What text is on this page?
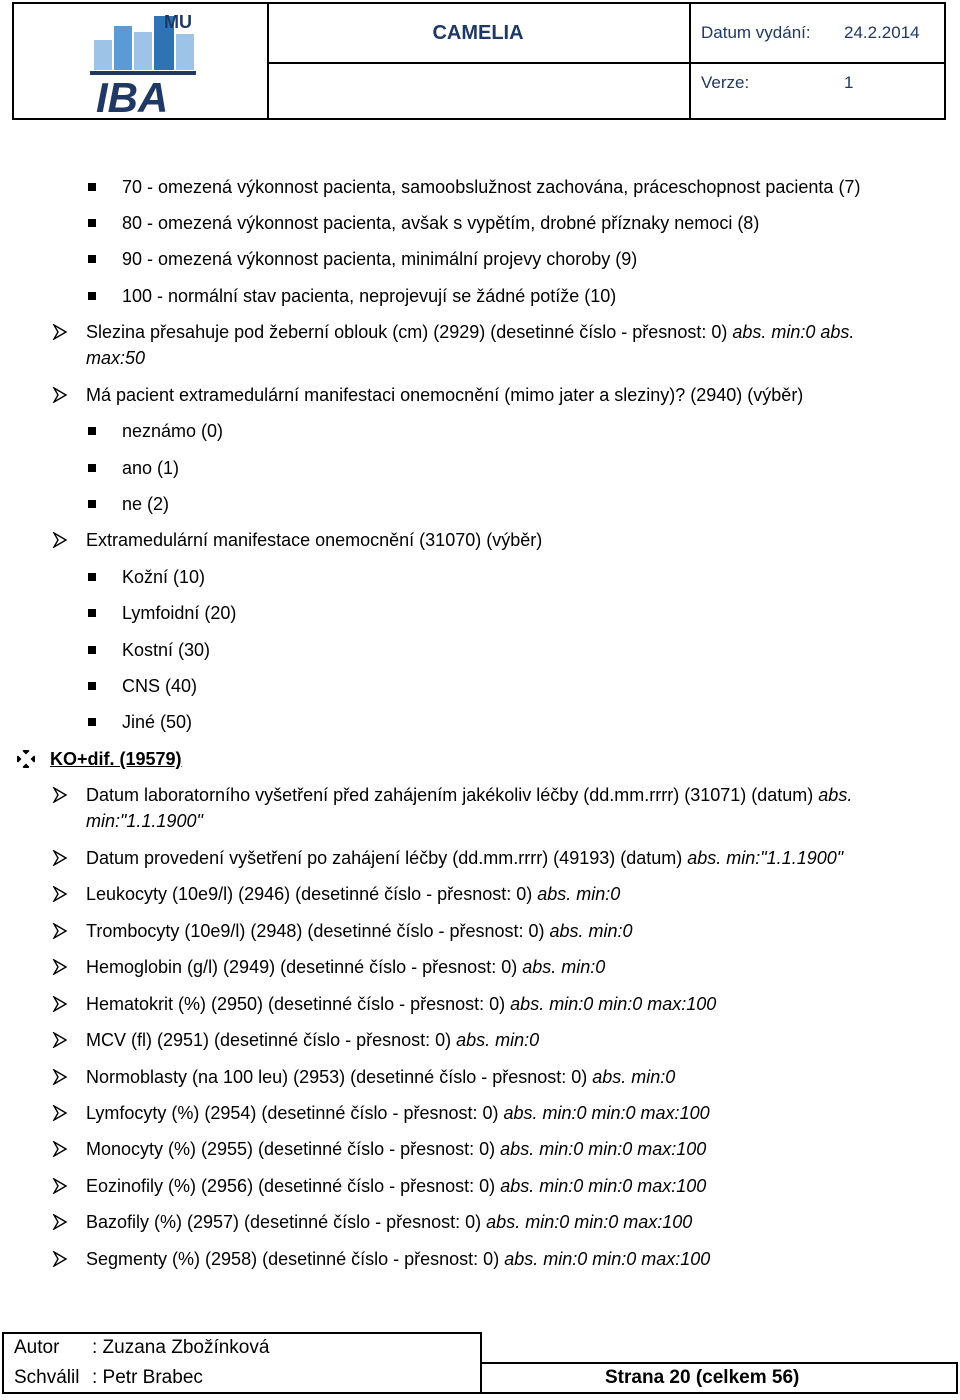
MU
IBA
CAMELIA	Datum vydání: 24.2.2014
Verze:	1
70 - omezená výkonnost pacienta, samoobslužnost zachována, práceschopnost pacienta (7)
80 - omezená výkonnost pacienta, avšak s vypětím, drobné příznaky nemoci (8)
90 - omezená výkonnost pacienta, minimální projevy choroby (9)
100 - normální stav pacienta, neprojevují se žádné potíže (10)
Slezina přesahuje pod žeberní oblouk (cm) (2929) (desetinné číslo - přesnost: 0) abs. min:0 abs.
max:50
Má pacient extramedulární manifestaci onemocnění (mimo jater a sleziny)? (2940) (výběr)
neznámo (0)
ano (1)
ne (2)
Extramedulární manifestace onemocnění (31070) (výběr)
Kožní (10)
Lymfoidní (20)
Kostní (30)
CNS (40)
Jiné (50)
KO+dif. (19579)
Datum laboratorního vyšetření před zahájením jakékoliv léčby (dd.mm.rrrr) (31071) (datum) abs.
min:"1.1.1900"
Datum provedení vyšetření po zahájení léčby (dd.mm.rrrr) (49193) (datum) abs. min:"1.1.1900"
Leukocyty (10e9/l) (2946) (desetinné číslo - přesnost: 0) abs. min:0
Trombocyty (10e9/l) (2948) (desetinné číslo - přesnost: 0) abs. min:0
Hemoglobin (g/l) (2949) (desetinné číslo - přesnost: 0) abs. min:0
Hematokrit (%) (2950) (desetinné číslo - přesnost: 0) abs. min:0 min:0 max:100
MCV (fl) (2951) (desetinné číslo - přesnost: 0) abs. min:0
Normoblasty (na 100 leu) (2953) (desetinné číslo - přesnost: 0) abs. min:0
Lymfocyty (%) (2954) (desetinné číslo - přesnost: 0) abs. min:0 min:0 max:100
Monocyty (%) (2955) (desetinné číslo - přesnost: 0) abs. min:0 min:0 max:100
Eozinofily (%) (2956) (desetinné číslo - přesnost: 0) abs. min:0 min:0 max:100
Bazofily (%) (2957) (desetinné číslo - přesnost: 0) abs. min:0 min:0 max:100
Segmenty (%) (2958) (desetinné číslo - přesnost: 0) abs. min:0 min:0 max:100
Autor : Zuzana Zbožínková
Schválil : Petr Brabec	Strana 20 (celkem 56)
